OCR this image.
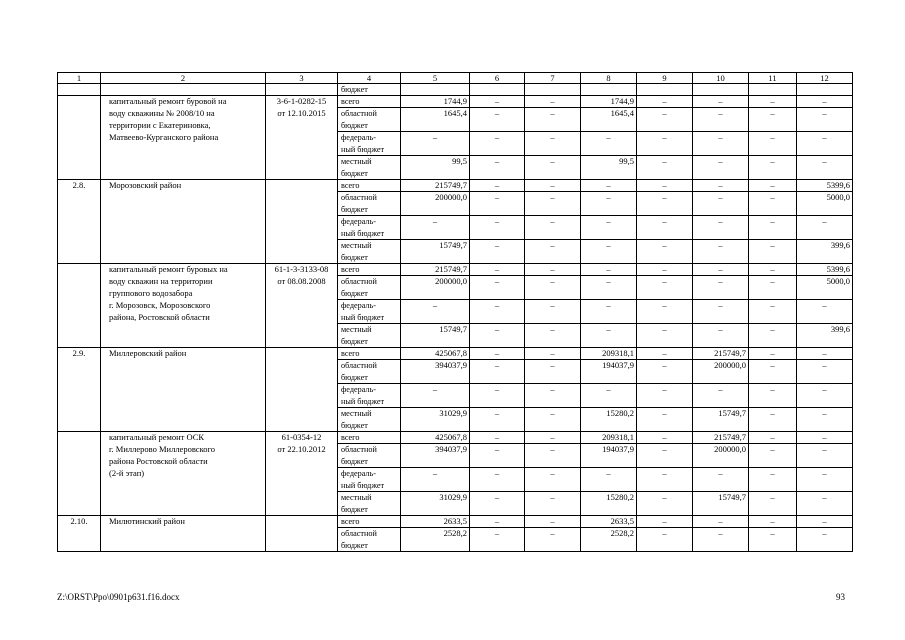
1	2	3	4	5	6	7	8	9	10	11	12
			бюджет								
	капитальный ремонт буровой на	3-6-1-0282-15	всего	1744,9	–	–	1744,9	–	–	–	–
	воду скважины № 2008/10 на	от 12.10.2015	областной	1645,4	–	–	1645,4	–	–	–	–
	территории с Екатериновка,		бюджет								
	Матвеево-Курганского района		федераль-	–	–	–	–	–	–	–	–
			ный бюджет								
			местный	99,5	–	–	99,5	–	–	–	–
			бюджет								
2.8.	Морозовский район		всего	215749,7	–	–	–	–	–	–	5399,6
			областной	200000,0	–	–	–	–	–	–	5000,0
			бюджет								
			федераль-	–	–	–	–	–	–	–	–
			ный бюджет								
			местный	15749,7	–	–	–	–	–	–	399,6
			бюджет								
	капитальный ремонт буровых на	61-1-3-3133-08	всего	215749,7	–	–	–	–	–	–	5399,6
	воду скважин на территории	от 08.08.2008	областной	200000,0	–	–	–	–	–	–	5000,0
	группового водозабора		бюджет								
	г. Морозовск, Морозовского		федераль-	–	–	–	–	–	–	–	–
	района, Ростовской области		ный бюджет								
			местный	15749,7	–	–	–	–	–	–	399,6
			бюджет								
2.9.	Миллеровский район		всего	425067,8	–	–	209318,1	–	215749,7	–	–
			областной	394037,9	–	–	194037,9	–	200000,0	–	–
			бюджет								
			федераль-	–	–	–	–	–	–	–	–
			ный бюджет								
			местный	31029,9	–	–	15280,2	–	15749,7	–	–
			бюджет								
	капитальный ремонт ОСК	61-0354-12	всего	425067,8	–	–	209318,1	–	215749,7	–	–
	г. Миллерово Миллеровского	от 22.10.2012	областной	394037,9	–	–	194037,9	–	200000,0	–	–
	района Ростовской области		бюджет								
	(2-й этап)		федераль-	–	–	–	–	–	–	–	–
			ный бюджет								
			местный	31029,9	–	–	15280,2	–	15749,7	–	–
			бюджет								
2.10.	Милютинский район		всего	2633,5	–	–	2633,5	–	–	–	–
			областной	2528,2	–	–	2528,2	–	–	–	–
			бюджет								
Z:\ORST\Ppo\0901p631.f16.docx	93
